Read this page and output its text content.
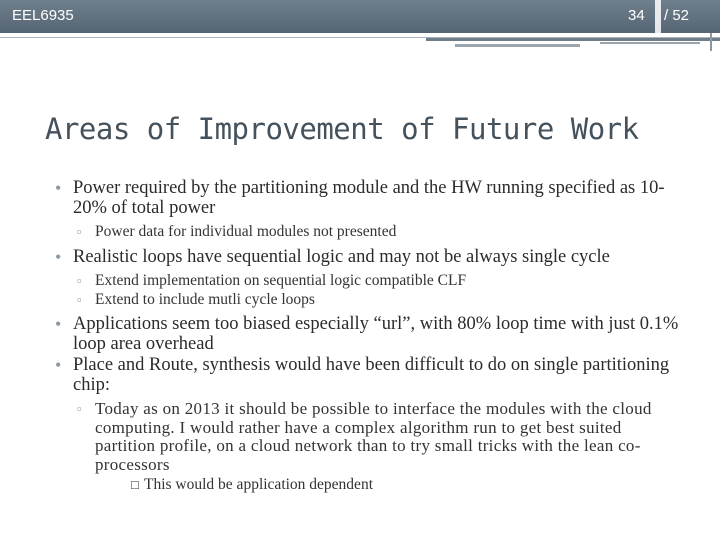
EEL6935	34 / 52
Areas of Improvement of Future Work
• Power required by the partitioning module and the HW running specified as 10-20% of total power
▫ Power data for individual modules not presented
• Realistic loops have sequential logic and may not be always single cycle
▫ Extend implementation on sequential logic compatible CLF
▫ Extend to include mutli cycle loops
• Applications seem too biased especially “url”, with 80% loop time with just 0.1% loop area overhead
• Place and Route, synthesis would have been difficult to do on single partitioning chip:
▫ Today as on 2013 it should be possible to interface the modules with the cloud computing. I would rather have a complex algorithm run to get best suited partition profile, on a cloud network than to try small tricks with the lean co-processors
□ This would be application dependent
